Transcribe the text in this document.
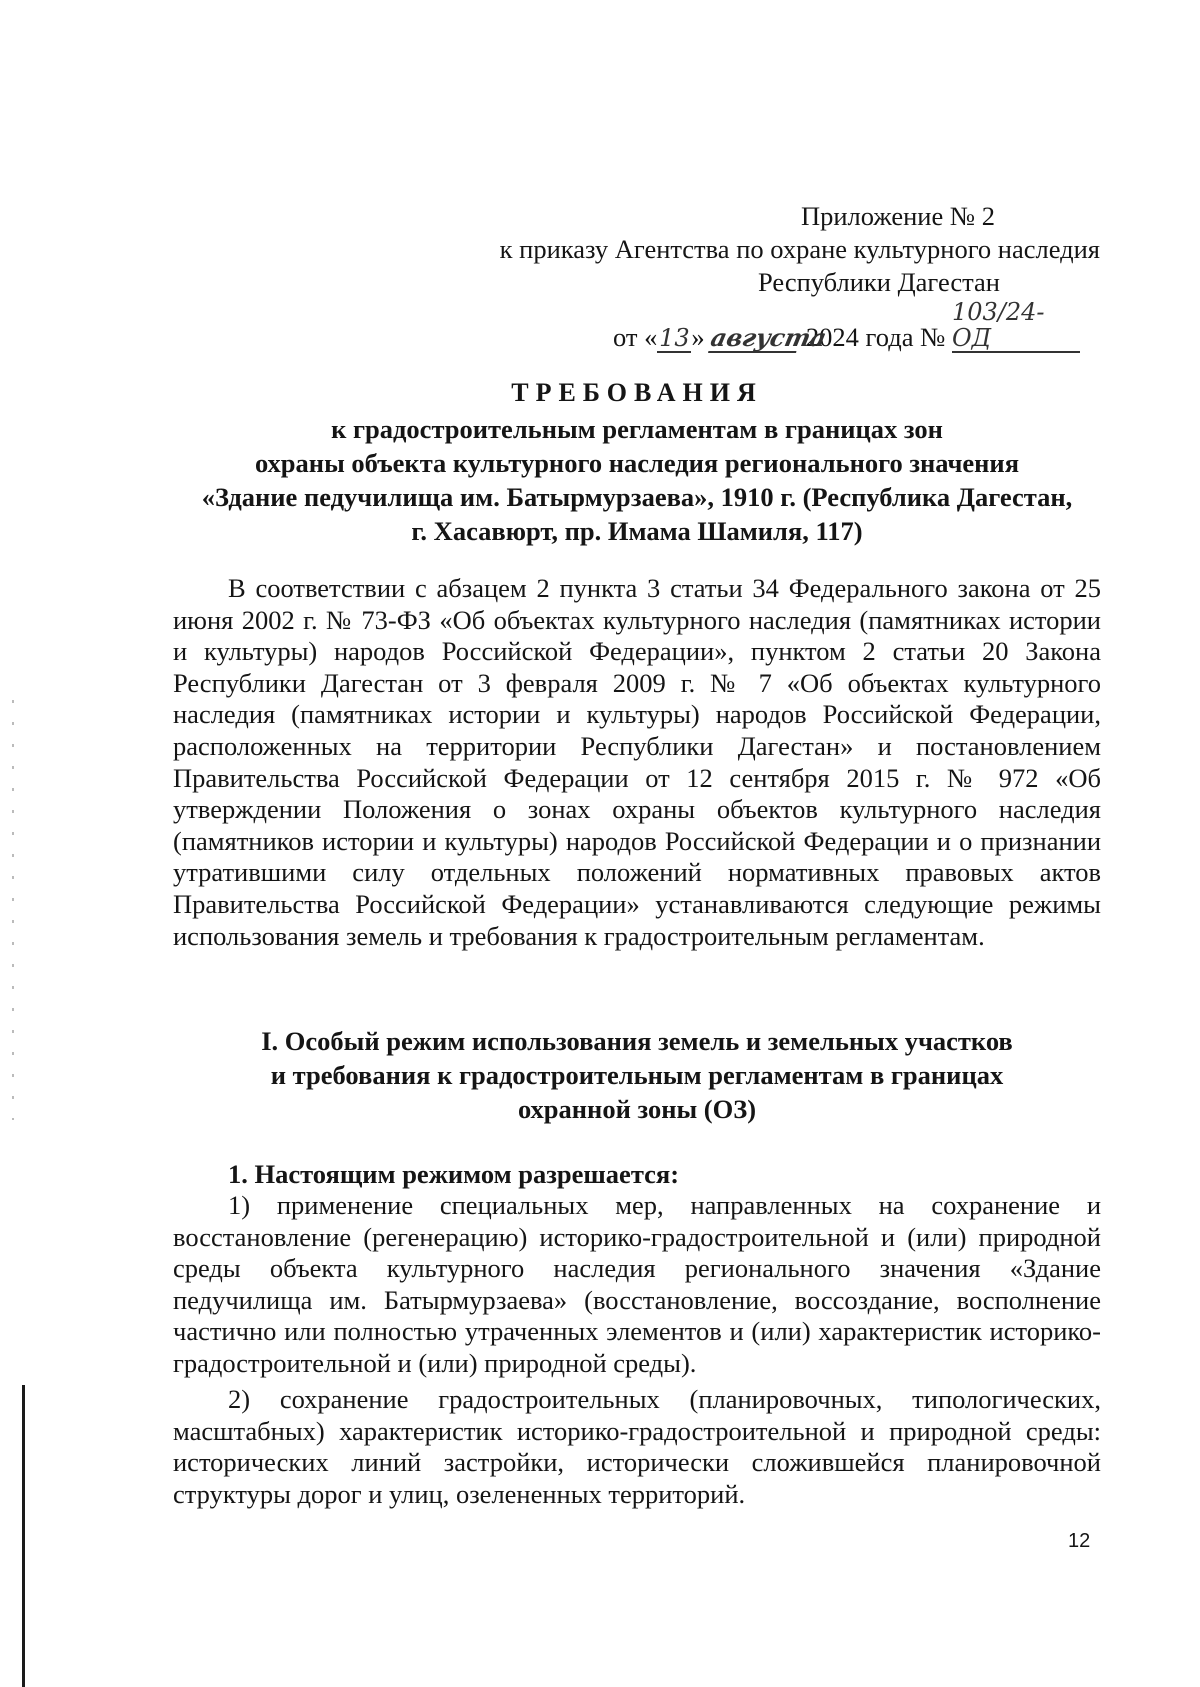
Приложение № 2
к приказу Агентства по охране культурного наследия
Республики Дагестан
от «13» августа 2024 года № 103/24-ОД
ТРЕБОВАНИЯ
к градостроительным регламентам в границах зон
охраны объекта культурного наследия регионального значения
«Здание педучилища им. Батырмурзаева», 1910 г. (Республика Дагестан,
г. Хасавюрт, пр. Имама Шамиля, 117)
В соответствии с абзацем 2 пункта 3 статьи 34 Федерального закона от 25 июня 2002 г. № 73-ФЗ «Об объектах культурного наследия (памятниках истории и культуры) народов Российской Федерации», пунктом 2 статьи 20 Закона Республики Дагестан от 3 февраля 2009 г. № 7 «Об объектах культурного наследия (памятниках истории и культуры) народов Российской Федерации, расположенных на территории Республики Дагестан» и постановлением Правительства Российской Федерации от 12 сентября 2015 г. № 972 «Об утверждении Положения о зонах охраны объектов культурного наследия (памятников истории и культуры) народов Российской Федерации и о признании утратившими силу отдельных положений нормативных правовых актов Правительства Российской Федерации» устанавливаются следующие режимы использования земель и требования к градостроительным регламентам.
I. Особый режим использования земель и земельных участков
и требования к градостроительным регламентам в границах
охранной зоны (ОЗ)
1. Настоящим режимом разрешается:
1) применение специальных мер, направленных на сохранение и восстановление (регенерацию) историко-градостроительной и (или) природной среды объекта культурного наследия регионального значения «Здание педучилища им. Батырмурзаева» (восстановление, воссоздание, восполнение частично или полностью утраченных элементов и (или) характеристик историко-градостроительной и (или) природной среды).
2) сохранение градостроительных (планировочных, типологических, масштабных) характеристик историко-градостроительной и природной среды: исторических линий застройки, исторически сложившейся планировочной структуры дорог и улиц, озелененных территорий.
12
